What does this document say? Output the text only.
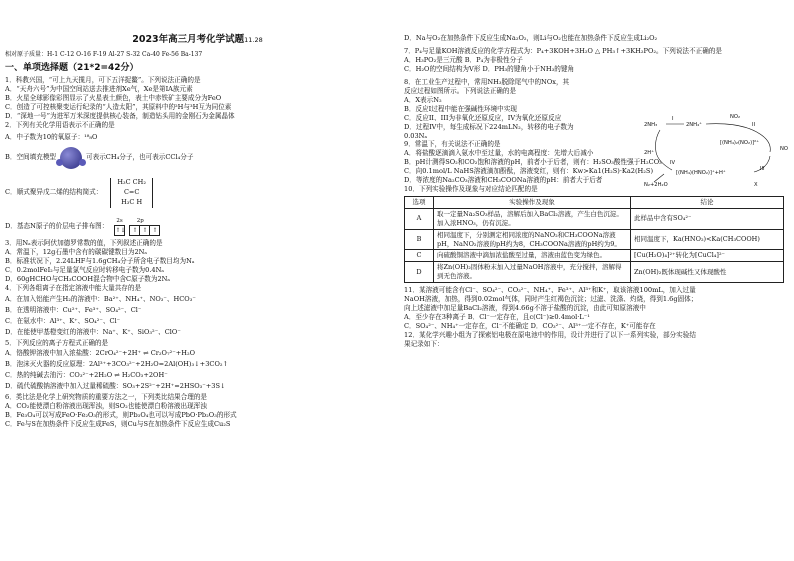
2023年高三月考化学试题11.28
相对原子质量：H-1 C-12 O-16 F-19 Al-27 S-32 Ca-40 Fe-56 Ba-137
一、单项选择题（21*2=42分）

1．科教兴国，“可上九天揽月，可下五洋捉鳖”。下列说法正确的是

A．“天舟六号”为中国空间站送去推进剂Xe气，Xe是第IA族元素

B．火星全球影像彩图显示了火星表土颜色，表土中赤铁矿主要成分为FeO

C．创造了可控核聚变运行纪录的“人造太阳”，其原料中的²H与³H互为同位素

D．“深地一号”为进军万米深度提供核心装备，制造钻头用的金刚石为金属晶体

2．下列有关化学用语表示不正确的是

A．中子数为10的氧原子：¹⁸₈O

B．空间填充模型	可表示CH₄分子，也可表示CCl₄分子
C．顺式聚异戊二烯的结构简式：
H₃C CH₂
C=C
H₃C H
D．基态N原子的价层电子排布图：
2s	2p
↑↓	↑ ↑ ↑

3．用Nₐ表示阿伏加德罗常数的值，下列叙述正确的是

A．常温下，12g石墨中含有的碳碳键数目为2Nₐ

B．标准状况下，2.24LHF与1.6gCH₄分子所含电子数目均为Nₐ

C．0.2molFeI₂与足量氯气反应时转移电子数为0.4Nₐ

D．60gHCHO与CH₃COOH混合物中含C原子数为2Nₐ

4．下列各组离子在指定溶液中能大量共存的是

A．在加入铝能产生H₂的溶液中：Ba²⁺、NH₄⁺、NO₃⁻、HCO₃⁻

B．在透明溶液中：Cu²⁺、Fe³⁺、SO₄²⁻、Cl⁻

C．在氨水中：Al³⁺、K⁺、SO₄²⁻、Cl⁻

D．在能使甲基橙变红的溶液中：Na⁺、K⁺、SiO₃²⁻、ClO⁻

5．下列反应的离子方程式正确的是

A．铬酸钾溶液中加入浓盐酸：2CrO₄²⁻+2H⁺ ⇌ Cr₂O₇²⁻+H₂O

B．泡沫灭火器的反应原理：2Al³⁺+3CO₃²⁻+2H₂O=2Al(OH)₃↓+3CO₂↑

C．热的纯碱去油污：CO₃²⁻+2H₂O ⇌ H₂CO₃+2OH⁻

D．硫代硫酸钠溶液中加入过量稀硫酸：SO₃+2S²⁻+2H⁺=2HSO₃⁻+3S↓

6．类比法是化学上研究物质的重要方法之一，下列类比结果合理的是

A．CO₂能使漂白粉溶液出现浑浊，则SO₂也能使漂白粉溶液出现浑浊

B．Fe₃O₄可以写成FeO·Fe₂O₃的形式，则Pb₃O₄也可以写成PbO·Pb₂O₃的形式

C．Fe与S在加热条件下反应生成FeS，则Cu与S在加热条件下反应生成Cu₂S

D．Na与O₂在加热条件下反应生成Na₂O₂，则Li与O₂也能在加热条件下反应生成Li₂O₂

7．P₄与足量KOH溶液反应的化学方程式为：P₄+3KOH+3H₂O △ PH₃↑+3KH₂PO₂。下列说法不正确的是

A．H₃PO₂是三元酸 B．P₄为非极性分子

C．H₂O的空间结构为V形 D．PH₃的键角小于NH₃的键角

8．在工业生产过程中，常用NH₃脱除尾气中的NOx，其

反应过程如图所示。下列说法正确的是

A．X表示N₂

B．反应I过程中能在强碱性环境中实现

C．反应II、III为非氧化还原反应，IV为氧化还原反应

D．过程IV中，每生成标况下224mLN₂，转移的电子数为

0.03Nₐ

9．常温下，有关说法不正确的是

A．将盐酸逐滴滴入氨水中至过量，水的电离程度：先增大后减小

B．pH计测得SO₂和CO₂饱和溶液的pH，前者小于后者，则有：H₂SO₃酸性强于H₂CO₃

C．向0.1mol/L NaHS溶液滴加酚酞，溶液变红，则有：Kw>Ka1(H₂S)·Ka2(H₂S)

D．等浓度的Na₂CO₃溶液和CH₃COONa溶液的pH：前者大于后者

10．下列实验操作及现象与对应结论匹配的是

选项	实验操作及现象	结论
A	取一定量Na₂SO₃样品，溶解后加入BaCl₂溶液，产生白色沉淀。加入浓HNO₃，仍有沉淀。	此样品中含有SO₄²⁻
B	相同温度下，分别测定相同浓度的NaNO₂和CH₃COONa溶液pH，NaNO₂溶液的pH约为8，CH₃COONa溶液的pH约为9。	相同温度下，Ka(HNO₂)<Ka(CH₃COOH)
C	向硫酸铜溶液中滴加浓盐酸至过量，溶液由蓝色变为绿色。	[Cu(H₂O)₄]²⁺转化为[CuCl₄]²⁻
D	将Zn(OH)₂固体粉末加入过量NaOH溶液中，充分搅拌，溶解得到无色溶液。	Zn(OH)₂既体现碱性又体现酸性

11．某溶液可能含有Cl⁻、SO₄²⁻、CO₃²⁻、NH₄⁺、Fe³⁺、Al³⁺和K⁺，取该溶液100mL，加入过量

NaOH溶液，加热，得到0.02mol气体，同时产生红褐色沉淀；过滤、洗涤、灼烧，得到1.6g固体；

向上述滤液中加足量BaCl₂溶液，得到4.66g不溶于盐酸的沉淀，由此可知原溶液中

A．至少存在3种离子 B．Cl⁻一定存在，且c(Cl⁻)≥0.4mol·L⁻¹

C．SO₄²⁻、NH₄⁺一定存在，Cl⁻不能确定 D．CO₃²⁻、Al³⁺一定不存在，K⁺可能存在

12．某化学兴趣小组为了探索铝电极在原电池中的作用，设计并进行了以下一系列实验，部分实验结

果记录如下：

2NH₃
I
2NH₄⁺
NO₂
II
[(NH₄)₂(NO₂)]²⁺
NO
IV
[(NH₄)(HNO₂)]⁺+H⁺
III
N₂+2H₂O
2H⁺
X
